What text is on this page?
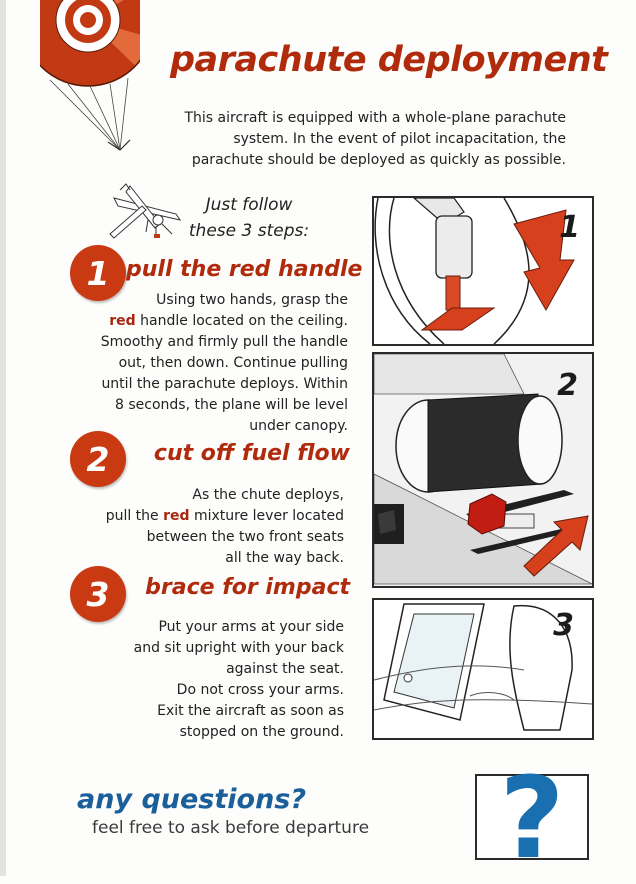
parachute deployment
This aircraft is equipped with a whole-plane parachute
system. In the event of pilot incapacitation, the
parachute should be deployed as quickly as possible.
Just follow
these 3 steps:
1 pull the red handle
Using two hands, grasp the
red handle located on the ceiling.
Smoothy and firmly pull the handle
out, then down. Continue pulling
until the parachute deploys. Within
8 seconds, the plane will be level
under canopy.
2	cut off fuel flow
As the chute deploys,
pull the red mixture lever located
between the two front seats
all the way back.
3	brace for impact
Put your arms at your side
and sit upright with your back
against the seat.
Do not cross your arms.
Exit the aircraft as soon as
stopped on the ground.
1
2
3
any questions?
feel free to ask before departure ?
